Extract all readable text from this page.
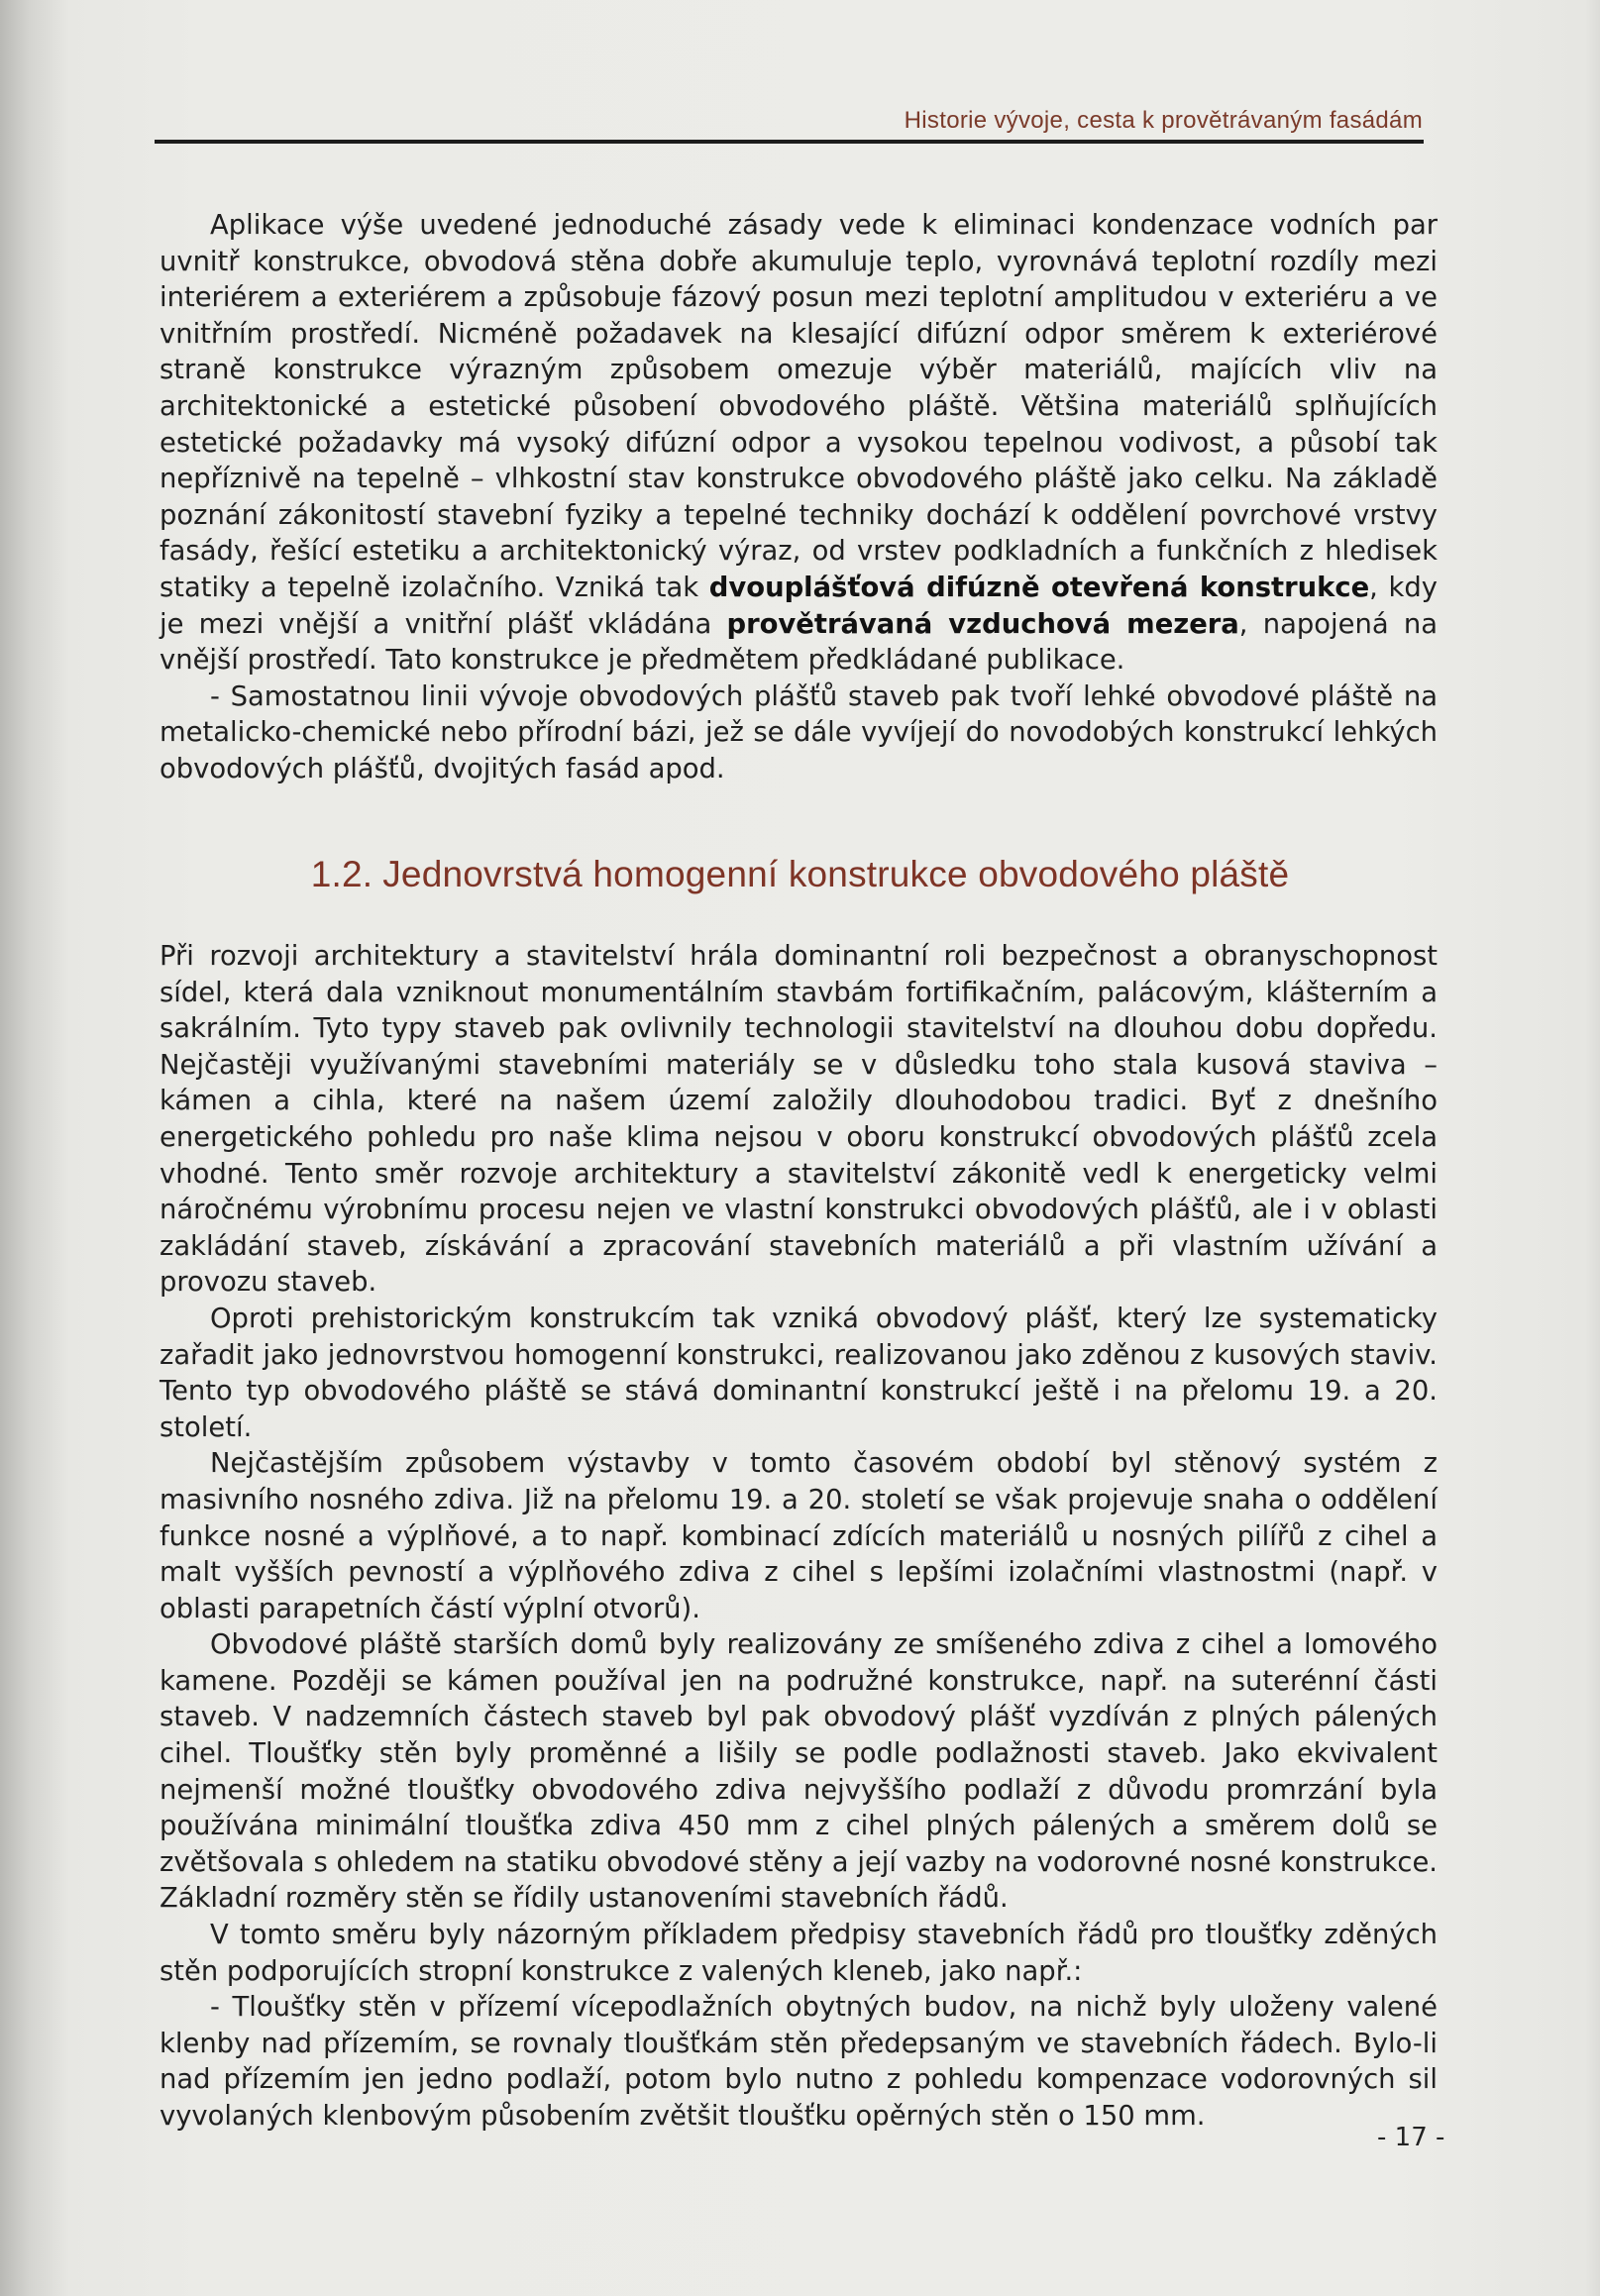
Historie vývoje, cesta k provětrávaným fasádám

Aplikace výše uvedené jednoduché zásady vede k eliminaci kondenzace vodních par uvnitř konstrukce, obvodová stěna dobře akumuluje teplo, vyrovnává teplotní rozdíly mezi interiérem a exteriérem a způsobuje fázový posun mezi teplotní amplitudou v exteriéru a ve vnitřním prostředí. Nicméně požadavek na klesající difúzní odpor směrem k exteriérové straně konstrukce výrazným způsobem omezuje výběr materiálů, majících vliv na architektonické a estetické působení obvodového pláště. Většina materiálů splňujících estetické požadavky má vysoký difúzní odpor a vysokou tepelnou vodivost, a působí tak nepříznivě na tepelně – vlhkostní stav konstrukce obvodového pláště jako celku. Na základě poznání zákonitostí stavební fyziky a tepelné techniky dochází k oddělení povrchové vrstvy fasády, řešící estetiku a architektonický výraz, od vrstev podkladních a funkčních z hledisek statiky a tepelně izolačního. Vzniká tak dvouplášťová difúzně otevřená konstrukce, kdy je mezi vnější a vnitřní plášť vkládána provětrávaná vzduchová mezera, napojená na vnější prostředí. Tato konstrukce je předmětem předkládané publikace.

- Samostatnou linii vývoje obvodových plášťů staveb pak tvoří lehké obvodové pláště na metalicko-chemické nebo přírodní bázi, jež se dále vyvíjejí do novodobých konstrukcí lehkých obvodových plášťů, dvojitých fasád apod.

1.2. Jednovrstvá homogenní konstrukce obvodového pláště

Při rozvoji architektury a stavitelství hrála dominantní roli bezpečnost a obranyschopnost sídel, která dala vzniknout monumentálním stavbám fortifikačním, palácovým, klášterním a sakrálním. Tyto typy staveb pak ovlivnily technologii stavitelství na dlouhou dobu dopředu. Nejčastěji využívanými stavebními materiály se v důsledku toho stala kusová staviva – kámen a cihla, které na našem území založily dlouhodobou tradici. Byť z dnešního energetického pohledu pro naše klima nejsou v oboru konstrukcí obvodových plášťů zcela vhodné. Tento směr rozvoje architektury a stavitelství zákonitě vedl k energeticky velmi náročnému výrobnímu procesu nejen ve vlastní konstrukci obvodových plášťů, ale i v oblasti zakládání staveb, získávání a zpracování stavebních materiálů a při vlastním užívání a provozu staveb.

Oproti prehistorickým konstrukcím tak vzniká obvodový plášť, který lze systematicky zařadit jako jednovrstvou homogenní konstrukci, realizovanou jako zděnou z kusových staviv. Tento typ obvodového pláště se stává dominantní konstrukcí ještě i na přelomu 19. a 20. století.

Nejčastějším způsobem výstavby v tomto časovém období byl stěnový systém z masivního nosného zdiva. Již na přelomu 19. a 20. století se však projevuje snaha o oddělení funkce nosné a výplňové, a to např. kombinací zdících materiálů u nosných pilířů z cihel a malt vyšších pevností a výplňového zdiva z cihel s lepšími izolačními vlastnostmi (např. v oblasti parapetních částí výplní otvorů).

Obvodové pláště starších domů byly realizovány ze smíšeného zdiva z cihel a lomového kamene. Později se kámen používal jen na podružné konstrukce, např. na suterénní části staveb. V nadzemních částech staveb byl pak obvodový plášť vyzdíván z plných pálených cihel. Tloušťky stěn byly proměnné a lišily se podle podlažnosti staveb. Jako ekvivalent nejmenší možné tloušťky obvodového zdiva nejvyššího podlaží z důvodu promrzání byla používána minimální tloušťka zdiva 450 mm z cihel plných pálených a směrem dolů se zvětšovala s ohledem na statiku obvodové stěny a její vazby na vodorovné nosné konstrukce. Základní rozměry stěn se řídily ustanoveními stavebních řádů.

V tomto směru byly názorným příkladem předpisy stavebních řádů pro tloušťky zděných stěn podporujících stropní konstrukce z valených kleneb, jako např.:

- Tloušťky stěn v přízemí vícepodlažních obytných budov, na nichž byly uloženy valené klenby nad přízemím, se rovnaly tloušťkám stěn předepsaným ve stavebních řádech. Bylo-li nad přízemím jen jedno podlaží, potom bylo nutno z pohledu kompenzace vodorovných sil vyvolaných klenbovým působením zvětšit tloušťku opěrných stěn o 150 mm.

- 17 -
